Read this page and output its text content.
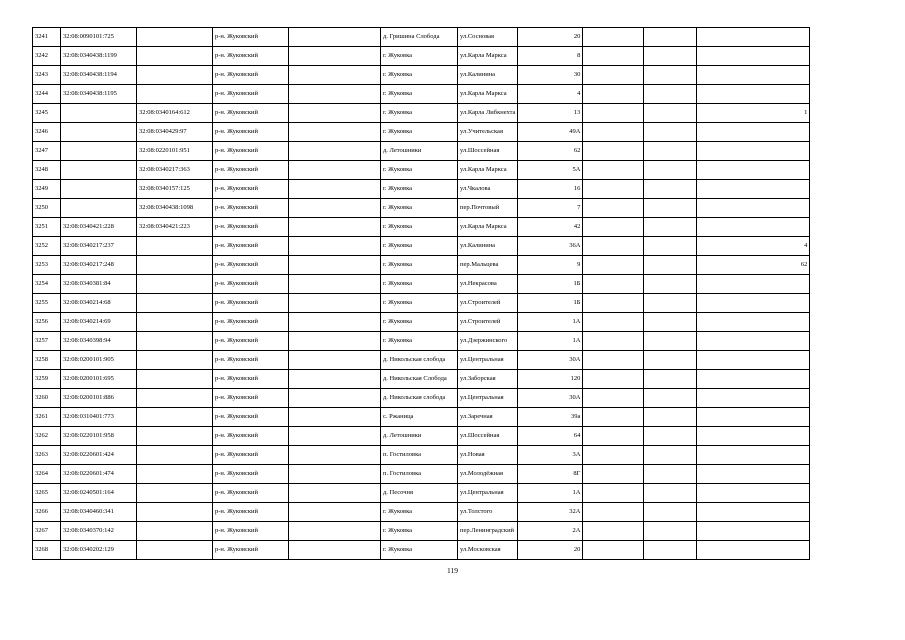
3241	32:08:0090101:725		р-н. Жуковский		д. Гришина Слобода	ул.Сосновая	20			
3242	32:08:0340438:1199		р-н. Жуковский		г. Жуковка	ул.Карла Маркса	8			
3243	32:08:0340438:1194		р-н. Жуковский		г. Жуковка	ул.Калинина	30			
3244	32:08:0340438:1195		р-н. Жуковский		г. Жуковка	ул.Карла Маркса	4			
3245		32:08:0340164:612	р-н. Жуковский		г. Жуковка	ул.Карла Либкнехта	13			1
3246		32:08:0340429:97	р-н. Жуковский		г. Жуковка	ул.Учительская	49А			
3247		32:08:0220101:951	р-н. Жуковский		д. Летошники	ул.Шоссейная	62			
3248		32:08:0340217:363	р-н. Жуковский		г. Жуковка	ул.Карла Маркса	5А			
3249		32:08:0340157:125	р-н. Жуковский		г. Жуковка	ул.Чкалова	16			
3250		32:08:0340438:1098	р-н. Жуковский		г. Жуковка	пер.Почтовый	7			
3251	32:08:0340421:228	32:08:0340421:223	р-н. Жуковский		г. Жуковка	ул.Карла Маркса	42			
3252	32:08:0340217:237		р-н. Жуковский		г. Жуковка	ул.Калинина	36А			4
3253	32:08:0340217:248		р-н. Жуковский		г. Жуковка	пер.Мальцева	9			62
3254	32:08:0340381:84		р-н. Жуковский		г. Жуковка	ул.Некрасова	1Б			
3255	32:08:0340214:68		р-н. Жуковский		г. Жуковка	ул.Строителей	1Б			
3256	32:08:0340214:69		р-н. Жуковский		г. Жуковка	ул.Строителей	1А			
3257	32:08:0340398:94		р-н. Жуковский		г. Жуковка	ул.Дзержинского	1А			
3258	32:08:0200101:905		р-н. Жуковский		д. Никольская слобода	ул.Центральная	30А			
3259	32:08:0200101:695		р-н. Жуковский		д. Никольская Слобода	ул.Заборская	120			
3260	32:08:0200101:886		р-н. Жуковский		д. Никольская слобода	ул.Центральная	30А			
3261	32:08:0310401:773		р-н. Жуковский		с. Ржаница	ул.Заречная	39а			
3262	32:08:0220101:958		р-н. Жуковский		д. Летошники	ул.Шоссейная	64			
3263	32:08:0220601:424		р-н. Жуковский		п. Гостиловка	ул.Новая	3А			
3264	32:08:0220601:474		р-н. Жуковский		п. Гостиловка	ул.Молодёжная	8Г			
3265	32:08:0240501:164		р-н. Жуковский		д. Песочня	ул.Центральная	1А			
3266	32:08:0340460:341		р-н. Жуковский		г. Жуковка	ул.Толстого	32А			
3267	32:08:0340370:142		р-н. Жуковский		г. Жуковка	пер.Ленинградский	2А			
3268	32:08:0340202:129		р-н. Жуковский		г. Жуковка	ул.Московская	20			
119
